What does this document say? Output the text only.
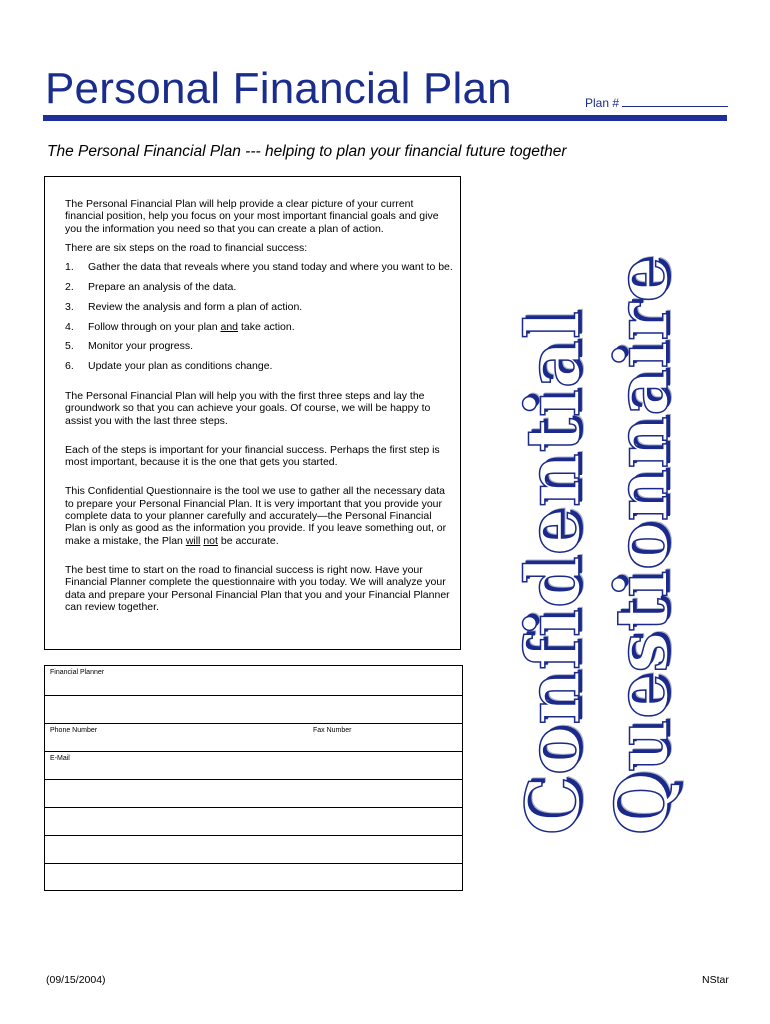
Personal Financial Plan	Plan #
The Personal Financial Plan --- helping to plan your financial future together

The Personal Financial Plan will help provide a clear picture of your current financial position, help you focus on your most important financial goals and give you the information you need so that you can create a plan of action.

There are six steps on the road to financial success:

1. Gather the data that reveals where you stand today and where you want to be.
2. Prepare an analysis of the data.
3. Review the analysis and form a plan of action.
4. Follow through on your plan and take action.
5. Monitor your progress.
6. Update your plan as conditions change.

The Personal Financial Plan will help you with the first three steps and lay the groundwork so that you can achieve your goals. Of course, we will be happy to assist you with the last three steps.

Each of the steps is important for your financial success. Perhaps the first step is most important, because it is the one that gets you started.

This Confidential Questionnaire is the tool we use to gather all the necessary data to prepare your Personal Financial Plan. It is very important that you provide your complete data to your planner carefully and accurately—the Personal Financial Plan is only as good as the information you provide. If you leave something out, or make a mistake, the Plan will not be accurate.

The best time to start on the road to financial success is right now. Have your Financial Planner complete the questionnaire with you today. We will analyze your data and prepare your Personal Financial Plan that you and your Financial Planner can review together.

Financial Planner
Phone Number	Fax Number
E-Mail	Confidential Questionnaire
(09/15/2004)	NStar
